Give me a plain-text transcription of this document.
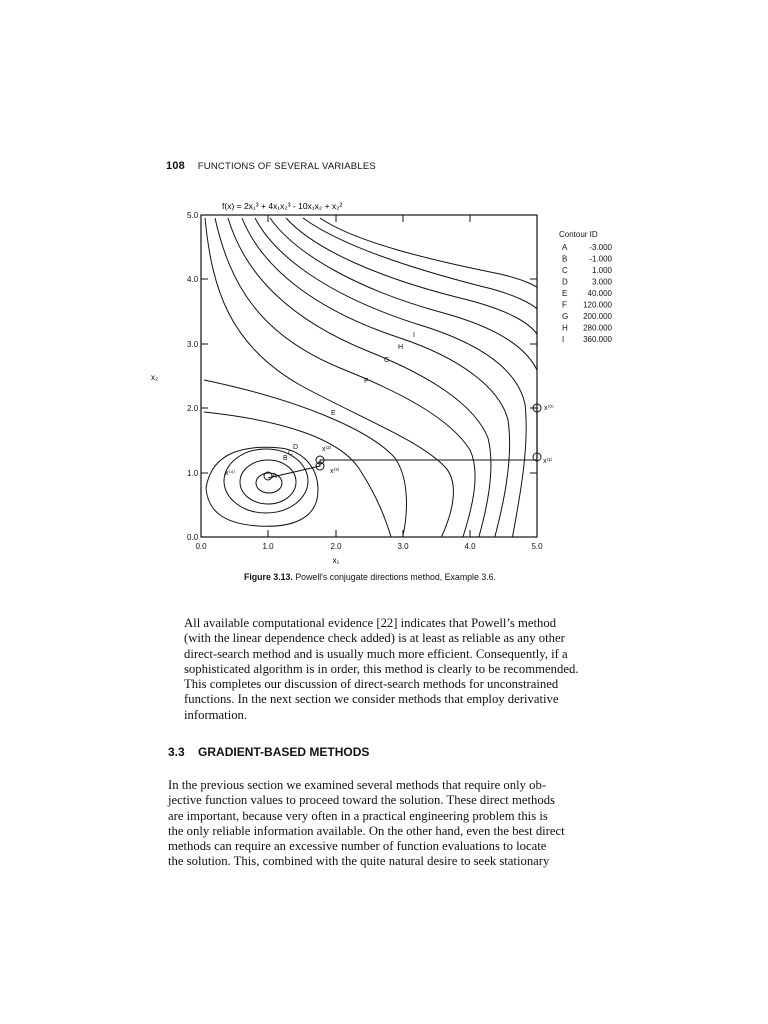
108 FUNCTIONS OF SEVERAL VARIABLES
f(x) = 2x₁³ + 4x₁x₂³ - 10x₁x₂ + x₂²
A
B
C
D
E
F
G
H
I
x⁽⁰⁾
x⁽¹⁾
x⁽²⁾
x⁽³⁾
x⁽⁴⁾
0.0
1.0
2.0
3.0
4.0
5.0
0.0	1.0	2.0	3.0	4.0	5.0
x₁
x₂
Contour ID
A	-3.000
B	-1.000
C	1.000
D	3.000
E	40.000
F 120.000
G 200.000
H 280.000
I 360.000
Figure 3.13. Powell's conjugate directions method, Example 3.6.
All available computational evidence [22] indicates that Powell’s method
(with the linear dependence check added) is at least as reliable as any other
direct-search method and is usually much more efficient. Consequently, if a
sophisticated algorithm is in order, this method is clearly to be recommended.
This completes our discussion of direct-search methods for unconstrained
functions. In the next section we consider methods that employ derivative
information.
3.3 GRADIENT-BASED METHODS
In the previous section we examined several methods that require only ob-
jective function values to proceed toward the solution. These direct methods
are important, because very often in a practical engineering problem this is
the only reliable information available. On the other hand, even the best direct
methods can require an excessive number of function evaluations to locate
the solution. This, combined with the quite natural desire to seek stationary
